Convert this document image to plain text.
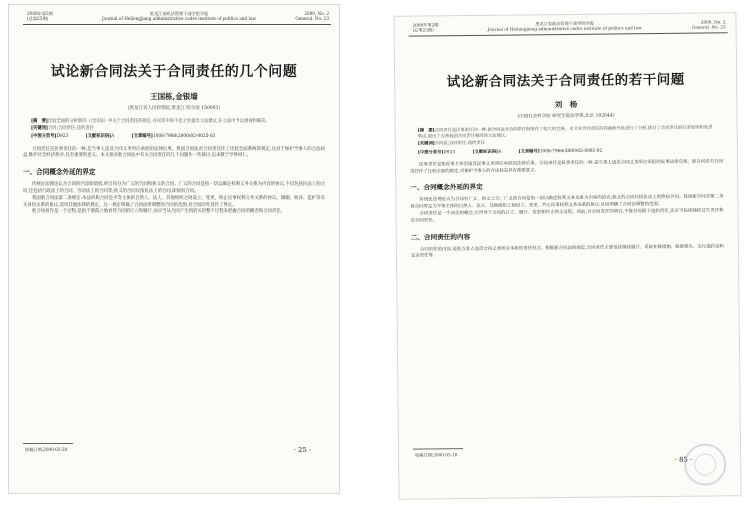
2000年第2期
(总第23期)
黑龙江省政法管理干部学院学报
Journal of Heilongjiang administrative cadre institute of politics and law
2000, No. 2
General. No. 23
试论新合同法关于合同责任的几个问题
王国栋,金银墙
(黑龙江省人民检察院,黑龙江 哈尔滨 150001)
[摘　要]比较全面的分析新的《合同法》中关于合同责任的规定,并对其中的不足之处提出立法建议,在立法中予以重视和解决。
[关键词]合同;合同责任;违约责任
[中图分类号]D923	[文献标识码]A	[文章编号]1008-7966(2000)02-0025-03

合同责任是民事责任的一种,是当事人违反合同义务所应承担的法律后果。我国合同法对合同责任作了比较全面系统的规定,这对于保护当事人的合法权益,维护社会经济秩序,具有重要的意义。本文拟对新合同法中有关合同责任的几个问题作一些探讨,以求教于学界同仁。

一、合同概念外延的界定

传统民法理论认为合同的内容即债权,将合同分为广义的合同和狭义的合同。广义的合同是指一切以确定权利义务关系为内容的协议,不仅包括民法上的合同,还包括行政法上的合同、劳动法上的合同等;狭义的合同仅指民法上的合同,即债权合同。

我国新合同法第二条规定:本法所称合同是平等主体的自然人、法人、其他组织之间设立、变更、终止民事权利义务关系的协议。婚姻、收养、监护等有关身份关系的协议,适用其他法律的规定。这一规定明确了合同法所调整的合同的范围,对合同的外延作了界定。

把合同看作是一个过程,是指不要孤立地看待合同的订立和履行,而应当从合同产生到消灭的整个过程来把握合同的概念和合同责任。

收稿日期:2000-03-20	· 25 ·
2000年第2期
(总第23期)
黑龙江省政法管理干部学院学报
Journal of Heilongjiang administrative cadre institute of politics and law
2000, No. 2
General. No. 23
试论新合同法关于合同责任的若干问题
刘　杨
(中国社会科学院 研究生院法学系,北京 102044)
[摘　要]合同责任是民事责任的一种,新合同法对合同责任制度作了较大的完善。本文对合同责任的内涵和外延进行了分析,探讨了合同责任的归责原则和免责事由,提出了完善我国合同责任制度的立法建议。
[关键词]合同法;合同责任;违约责任
[中图分类号]D923	[文献标识码]A	[文章编号]1008-7966(2000)02-0085-02

民事责任是指民事主体因违反民事义务所应承担的法律后果。合同责任是民事责任的一种,是当事人违反合同义务所应承担的民事法律后果。新合同法对合同责任作了比较全面的规定,对保护当事人的合法权益具有重要意义。

一、合同概念外延的界定

传统民法理论认为合同有广义、狭义之分。广义的合同是指一切以确定权利义务关系为内容的协议;狭义的合同仅指民法上的债权合同。我国新合同法第二条将合同界定为平等主体的自然人、法人、其他组织之间设立、变更、终止民事权利义务关系的协议,从而明确了合同法调整的范围。

合同责任是一个动态的概念,它贯穿于合同的订立、履行、变更和终止的全过程。因此,对合同责任的研究,不能仅局限于违约责任,还应当包括缔约过失责任和后合同责任。

二、合同责任的内容

合同责任的内容,是指当事人违反合同义务所应承担的责任形式。根据新合同法的规定,合同责任主要包括继续履行、采取补救措施、赔偿损失、支付违约金和定金责任等。

收稿日期:2000-05-18
· 85 ·
